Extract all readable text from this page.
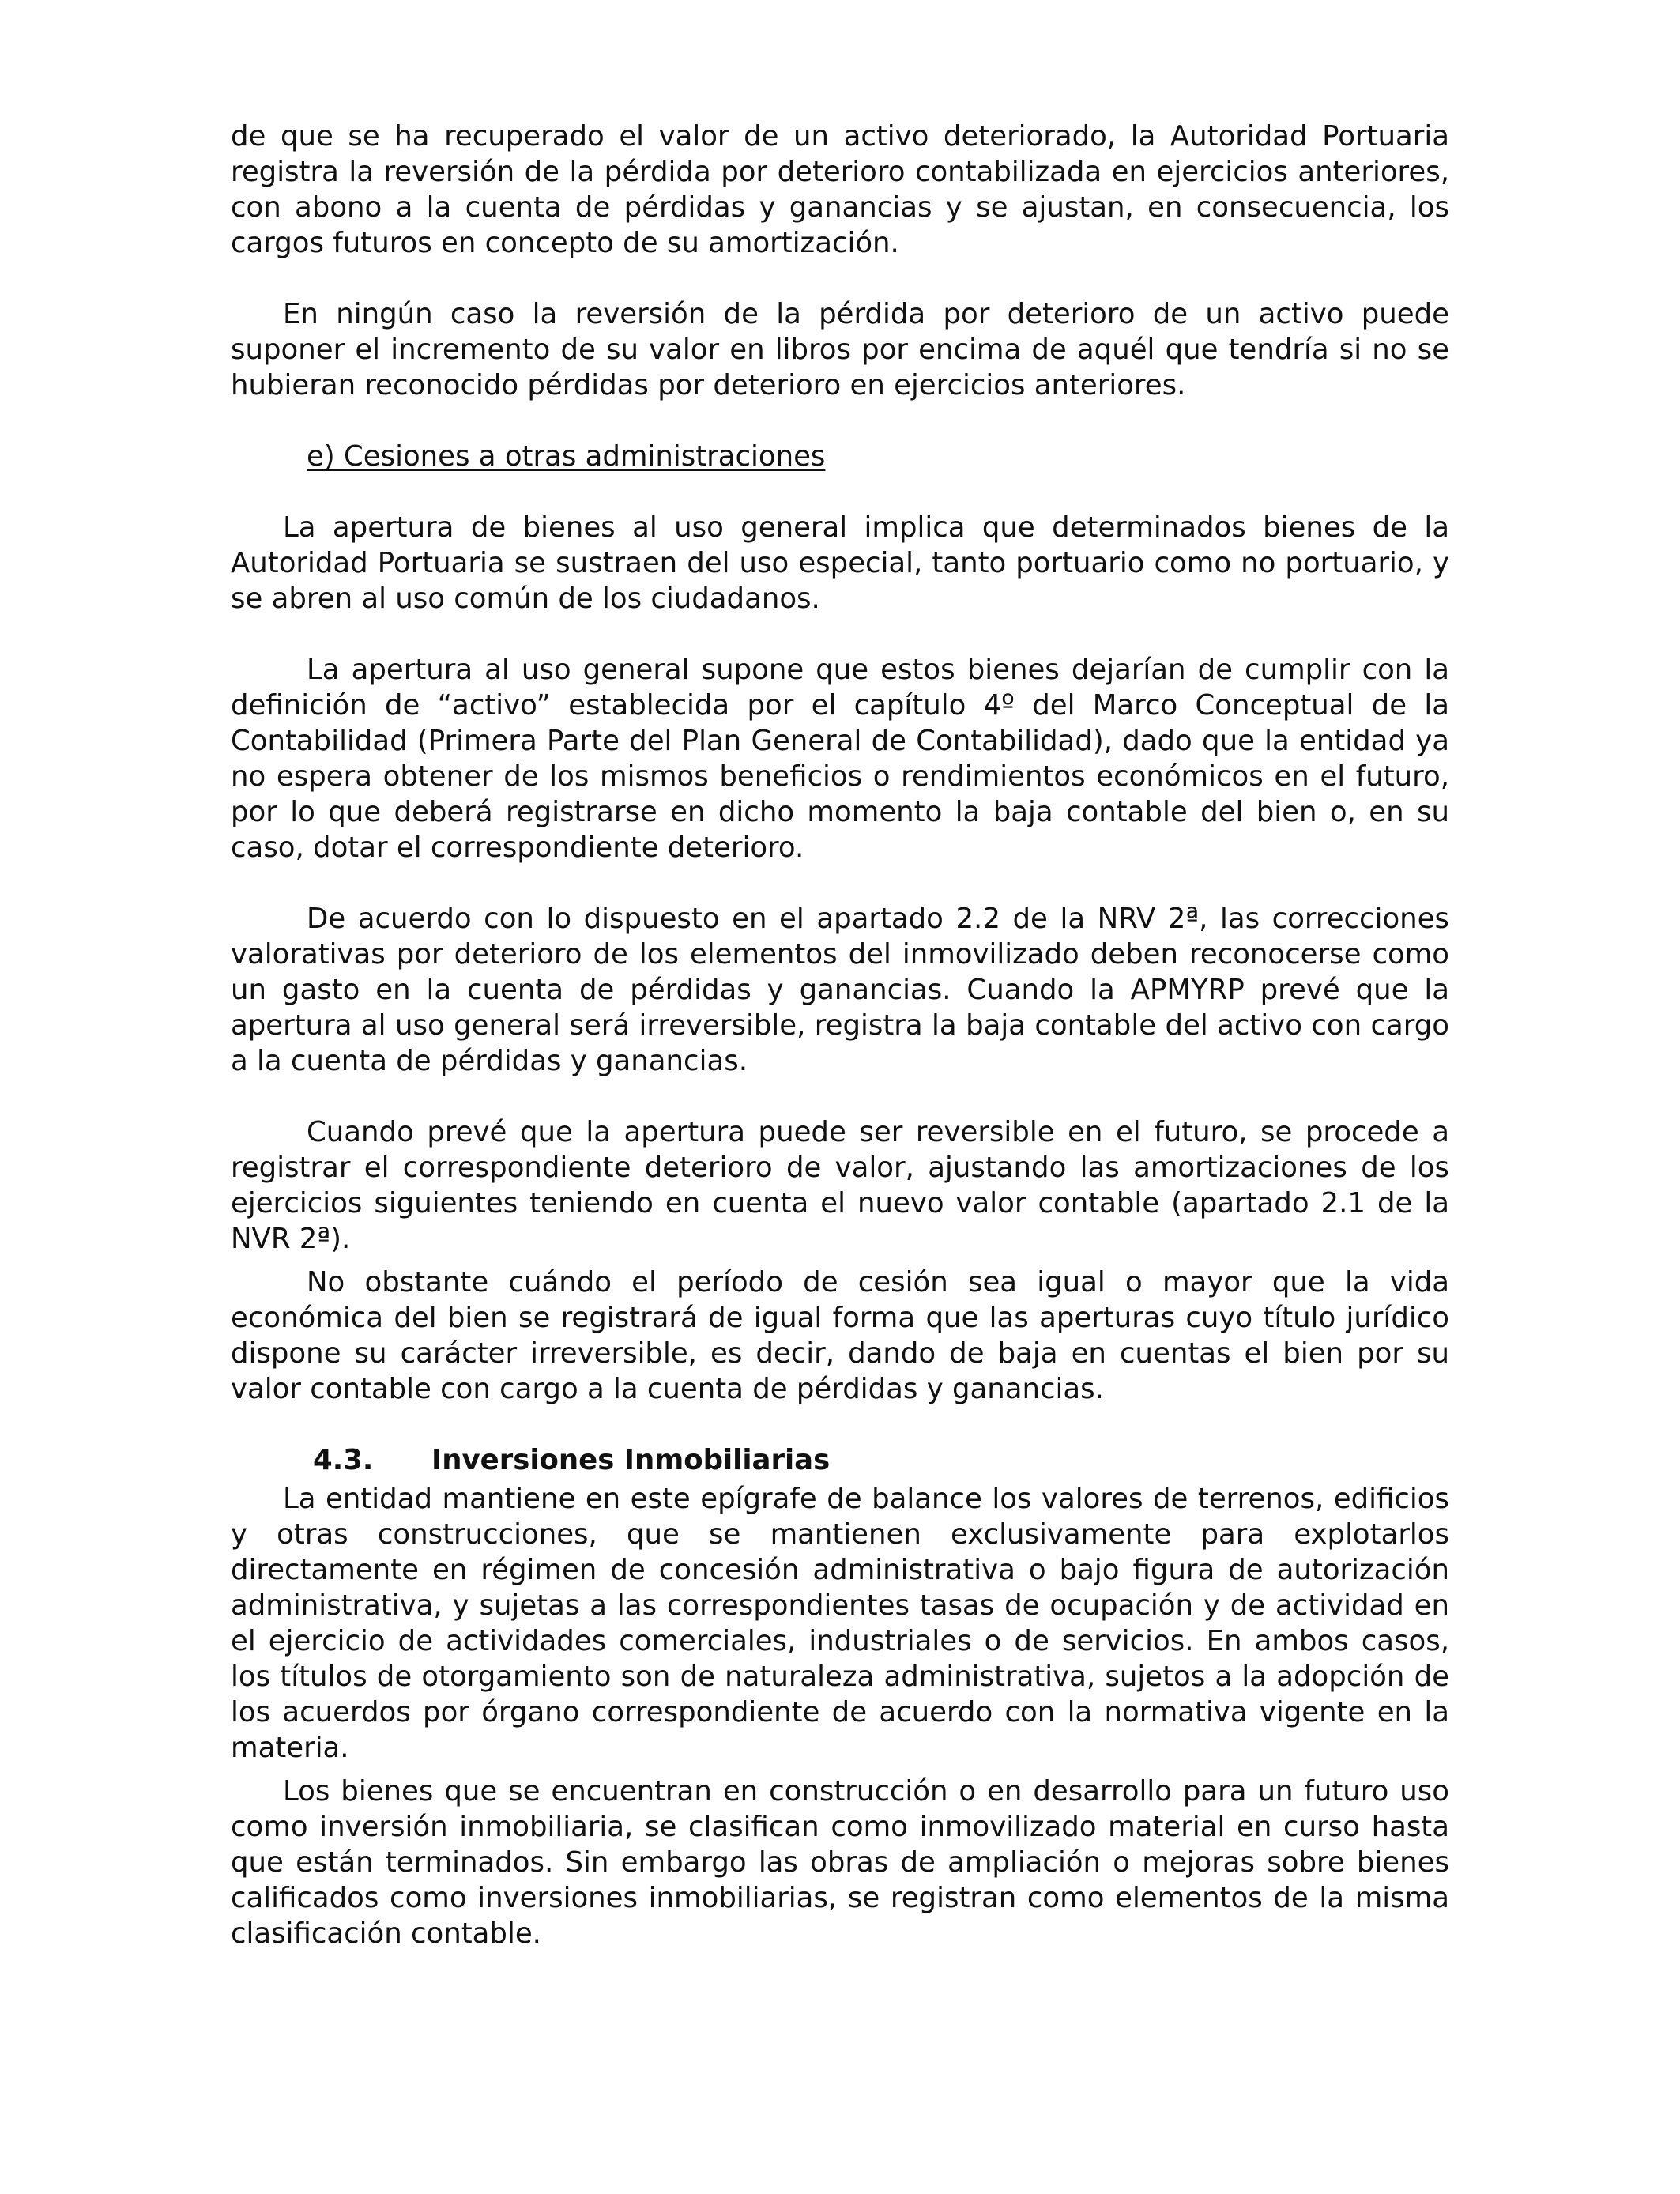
de que se ha recuperado el valor de un activo deteriorado, la Autoridad Portuaria registra la reversión de la pérdida por deterioro contabilizada en ejercicios anteriores, con abono a la cuenta de pérdidas y ganancias y se ajustan, en consecuencia, los cargos futuros en concepto de su amortización.

En ningún caso la reversión de la pérdida por deterioro de un activo puede suponer el incremento de su valor en libros por encima de aquél que tendría si no se hubieran reconocido pérdidas por deterioro en ejercicios anteriores.

e) Cesiones a otras administraciones

La apertura de bienes al uso general implica que determinados bienes de la Autoridad Portuaria se sustraen del uso especial, tanto portuario como no portuario, y se abren al uso común de los ciudadanos.

La apertura al uso general supone que estos bienes dejarían de cumplir con la definición de “activo” establecida por el capítulo 4º del Marco Conceptual de la Contabilidad (Primera Parte del Plan General de Contabilidad), dado que la entidad ya no espera obtener de los mismos beneficios o rendimientos económicos en el futuro, por lo que deberá registrarse en dicho momento la baja contable del bien o, en su caso, dotar el correspondiente deterioro.

De acuerdo con lo dispuesto en el apartado 2.2 de la NRV 2ª, las correcciones valorativas por deterioro de los elementos del inmovilizado deben reconocerse como un gasto en la cuenta de pérdidas y ganancias. Cuando la APMYRP prevé que la apertura al uso general será irreversible, registra la baja contable del activo con cargo a la cuenta de pérdidas y ganancias.

Cuando prevé que la apertura puede ser reversible en el futuro, se procede a registrar el correspondiente deterioro de valor, ajustando las amortizaciones de los ejercicios siguientes teniendo en cuenta el nuevo valor contable (apartado 2.1 de la NVR 2ª).

No obstante cuándo el período de cesión sea igual o mayor que la vida económica del bien se registrará de igual forma que las aperturas cuyo título jurídico dispone su carácter irreversible, es decir, dando de baja en cuentas el bien por su valor contable con cargo a la cuenta de pérdidas y ganancias.

4.3.	Inversiones Inmobiliarias

La entidad mantiene en este epígrafe de balance los valores de terrenos, edificios y otras construcciones, que se mantienen exclusivamente para explotarlos directamente en régimen de concesión administrativa o bajo figura de autorización administrativa, y sujetas a las correspondientes tasas de ocupación y de actividad en el ejercicio de actividades comerciales, industriales o de servicios. En ambos casos, los títulos de otorgamiento son de naturaleza administrativa, sujetos a la adopción de los acuerdos por órgano correspondiente de acuerdo con la normativa vigente en la materia.

Los bienes que se encuentran en construcción o en desarrollo para un futuro uso como inversión inmobiliaria, se clasifican como inmovilizado material en curso hasta que están terminados. Sin embargo las obras de ampliación o mejoras sobre bienes calificados como inversiones inmobiliarias, se registran como elementos de la misma clasificación contable.
